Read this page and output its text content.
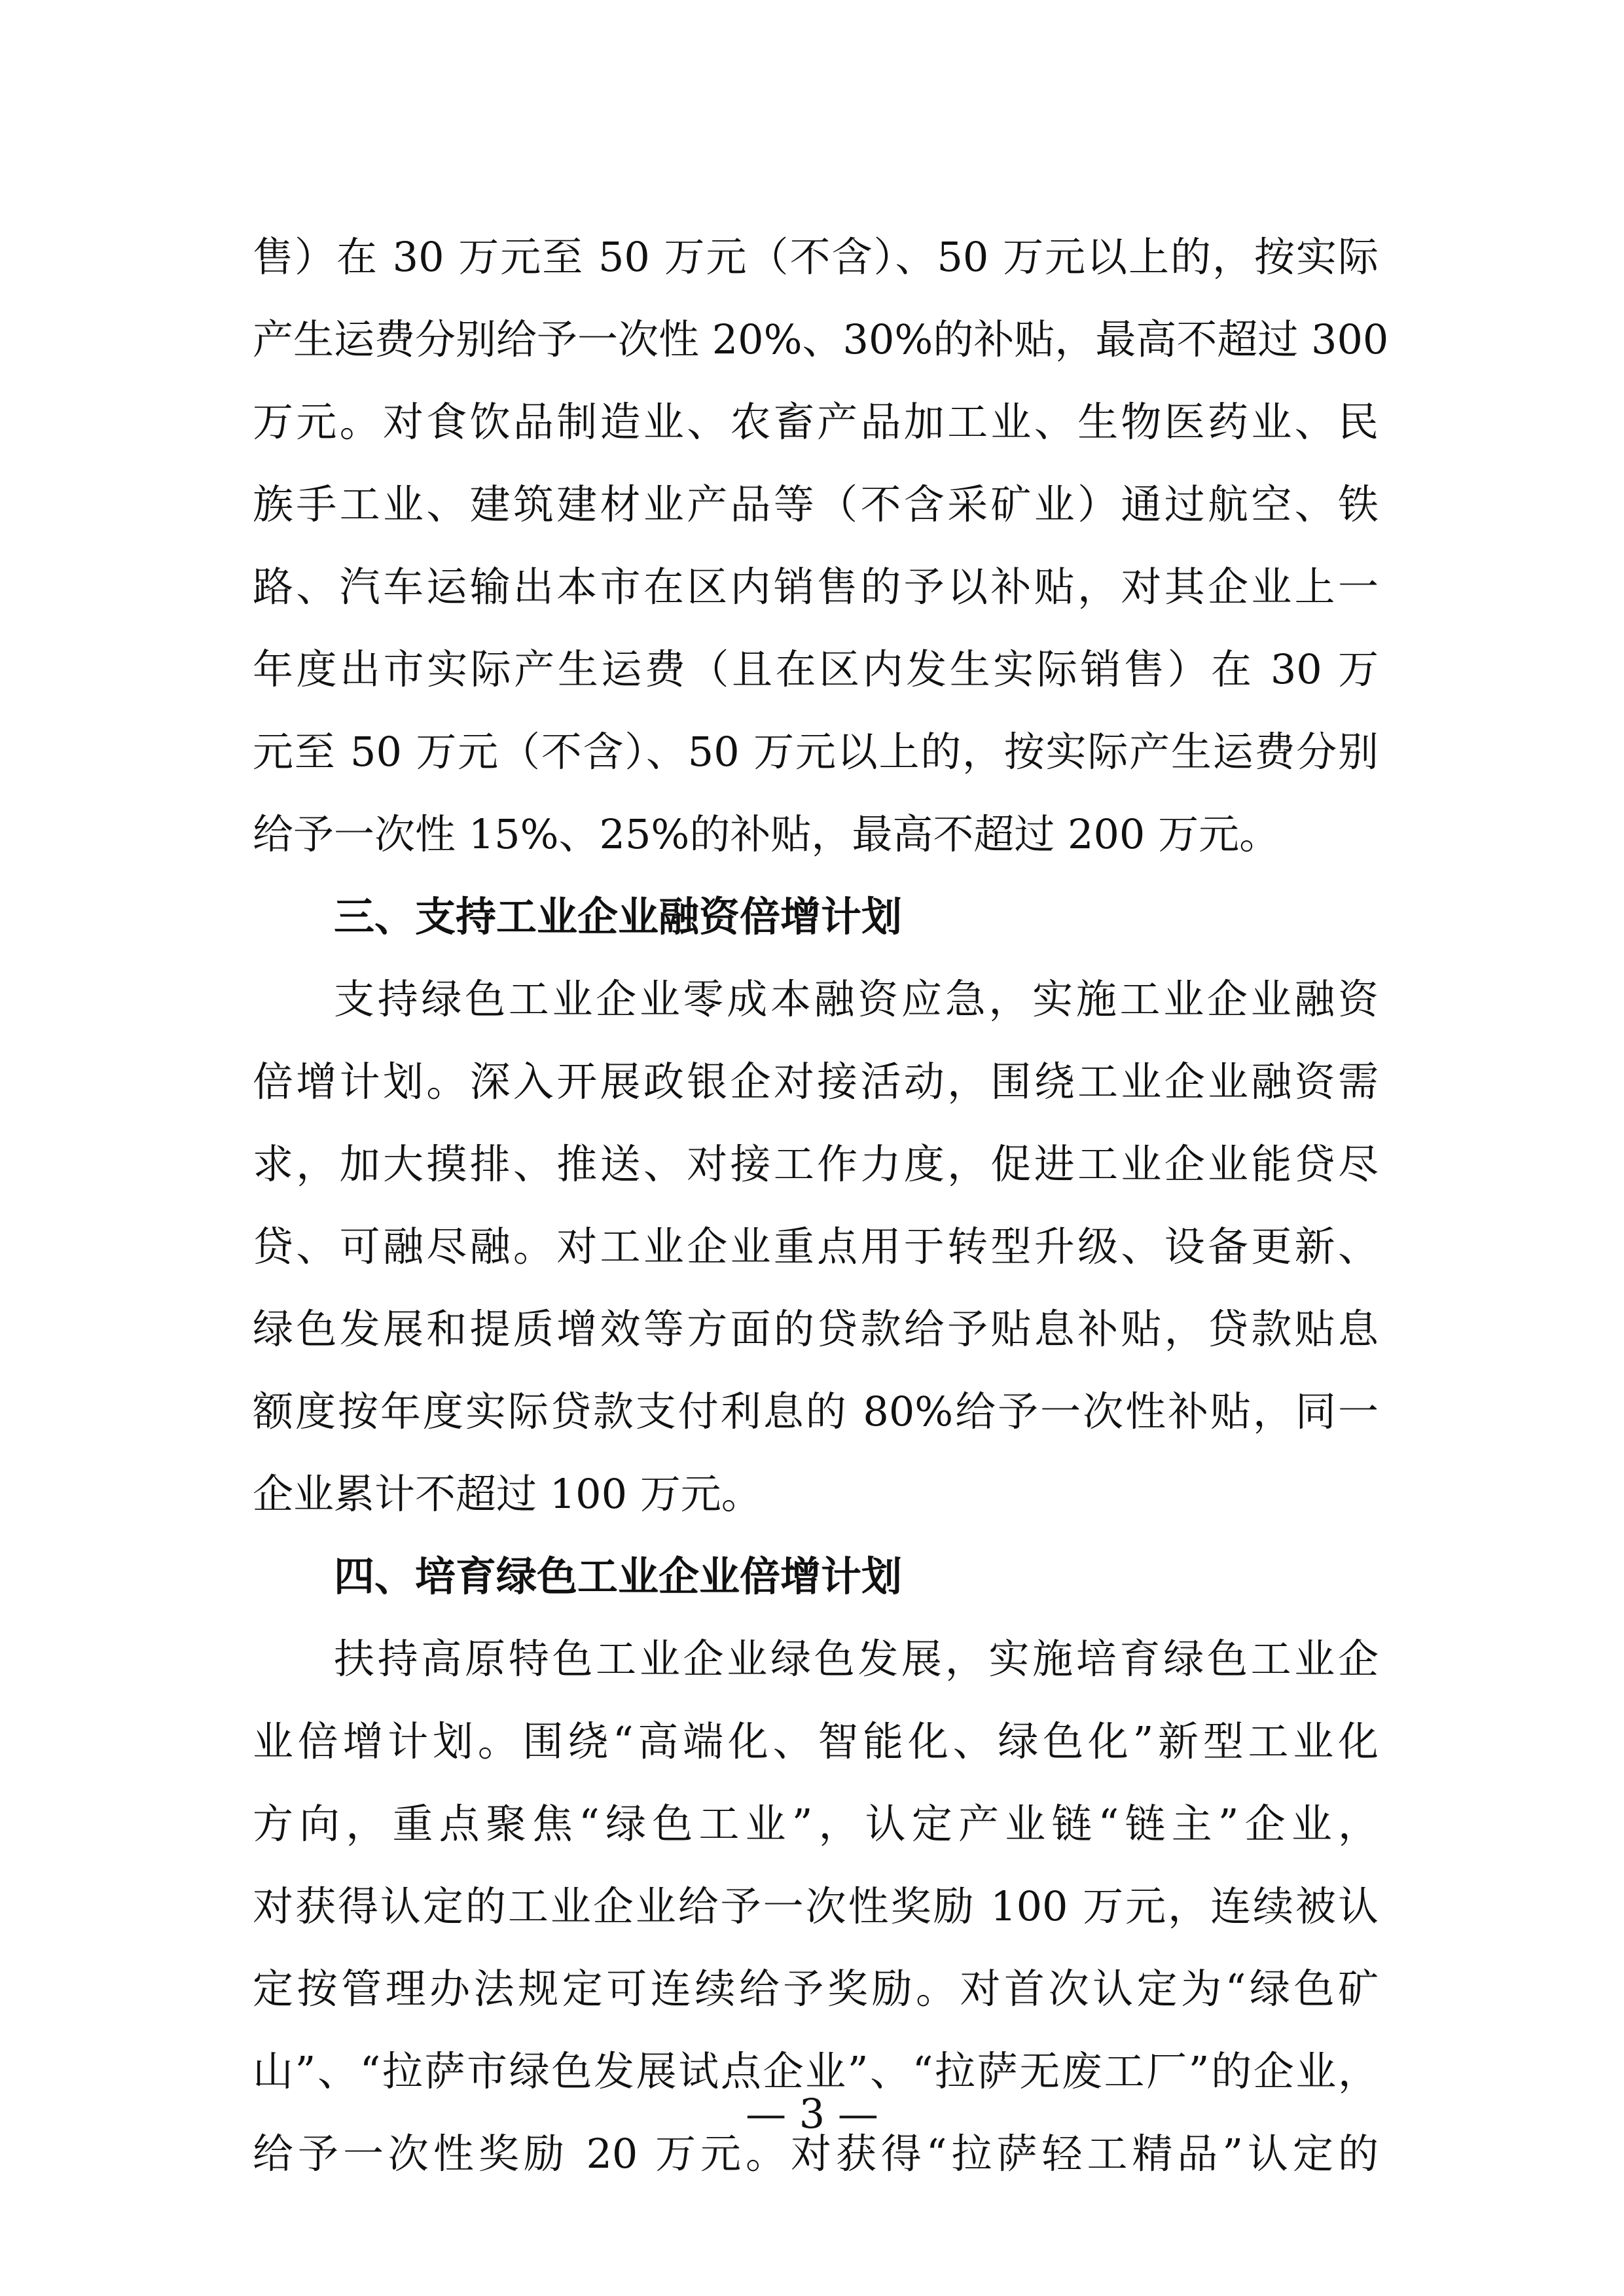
售）在 30 万元至 50 万元（不含）、50 万元以上的，按实际
产生运费分别给予一次性 20%、30%的补贴，最高不超过 300
万元。对食饮品制造业、农畜产品加工业、生物医药业、民
族手工业、建筑建材业产品等（不含采矿业）通过航空、铁
路、汽车运输出本市在区内销售的予以补贴，对其企业上一
年度出市实际产生运费（且在区内发生实际销售）在 30 万
元至 50 万元（不含）、50 万元以上的，按实际产生运费分别
给予一次性 15%、25%的补贴，最高不超过 200 万元。
三、支持工业企业融资倍增计划
支持绿色工业企业零成本融资应急，实施工业企业融资
倍增计划。深入开展政银企对接活动，围绕工业企业融资需
求，加大摸排、推送、对接工作力度，促进工业企业能贷尽
贷、可融尽融。对工业企业重点用于转型升级、设备更新、
绿色发展和提质增效等方面的贷款给予贴息补贴，贷款贴息
额度按年度实际贷款支付利息的 80%给予一次性补贴，同一
企业累计不超过 100 万元。
四、培育绿色工业企业倍增计划
扶持高原特色工业企业绿色发展，实施培育绿色工业企
业倍增计划。围绕“高端化、智能化、绿色化”新型工业化
方向，重点聚焦“绿色工业”，认定产业链“链主”企业，
对获得认定的工业企业给予一次性奖励 100 万元，连续被认
定按管理办法规定可连续给予奖励。对首次认定为“绿色矿
山”、“拉萨市绿色发展试点企业”、“拉萨无废工厂”的企业，
给予一次性奖励 20 万元。对获得“拉萨轻工精品”认定的
— 3 —
